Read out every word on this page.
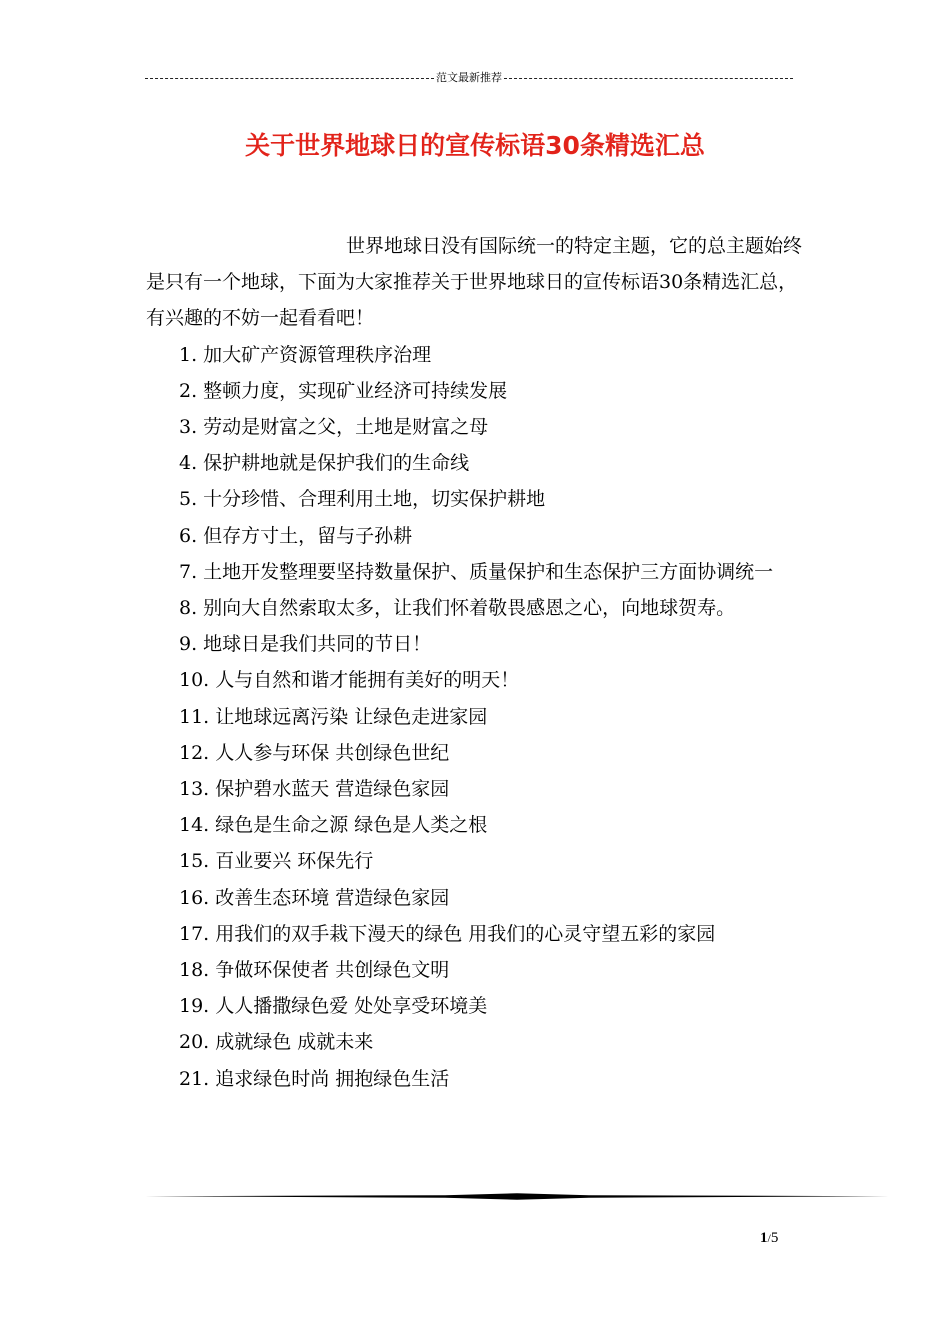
范文最新推荐
关于世界地球日的宣传标语30条精选汇总

世界地球日没有国际统一的特定主题，它的总主题始终是只有一个地球，下面为大家推荐关于世界地球日的宣传标语30条精选汇总，有兴趣的不妨一起看看吧！

1. 加大矿产资源管理秩序治理

2. 整顿力度，实现矿业经济可持续发展

3. 劳动是财富之父，土地是财富之母

4. 保护耕地就是保护我们的生命线

5. 十分珍惜、合理利用土地，切实保护耕地

6. 但存方寸土，留与子孙耕

7. 土地开发整理要坚持数量保护、质量保护和生态保护三方面协调统一

8. 别向大自然索取太多，让我们怀着敬畏感恩之心，向地球贺寿。

9. 地球日是我们共同的节日！

10. 人与自然和谐才能拥有美好的明天！

11. 让地球远离污染 让绿色走进家园

12. 人人参与环保 共创绿色世纪

13. 保护碧水蓝天 营造绿色家园

14. 绿色是生命之源 绿色是人类之根

15. 百业要兴 环保先行

16. 改善生态环境 营造绿色家园

17. 用我们的双手栽下漫天的绿色 用我们的心灵守望五彩的家园

18. 争做环保使者 共创绿色文明

19. 人人播撒绿色爱 处处享受环境美

20. 成就绿色 成就未来

21. 追求绿色时尚 拥抱绿色生活

1/5
